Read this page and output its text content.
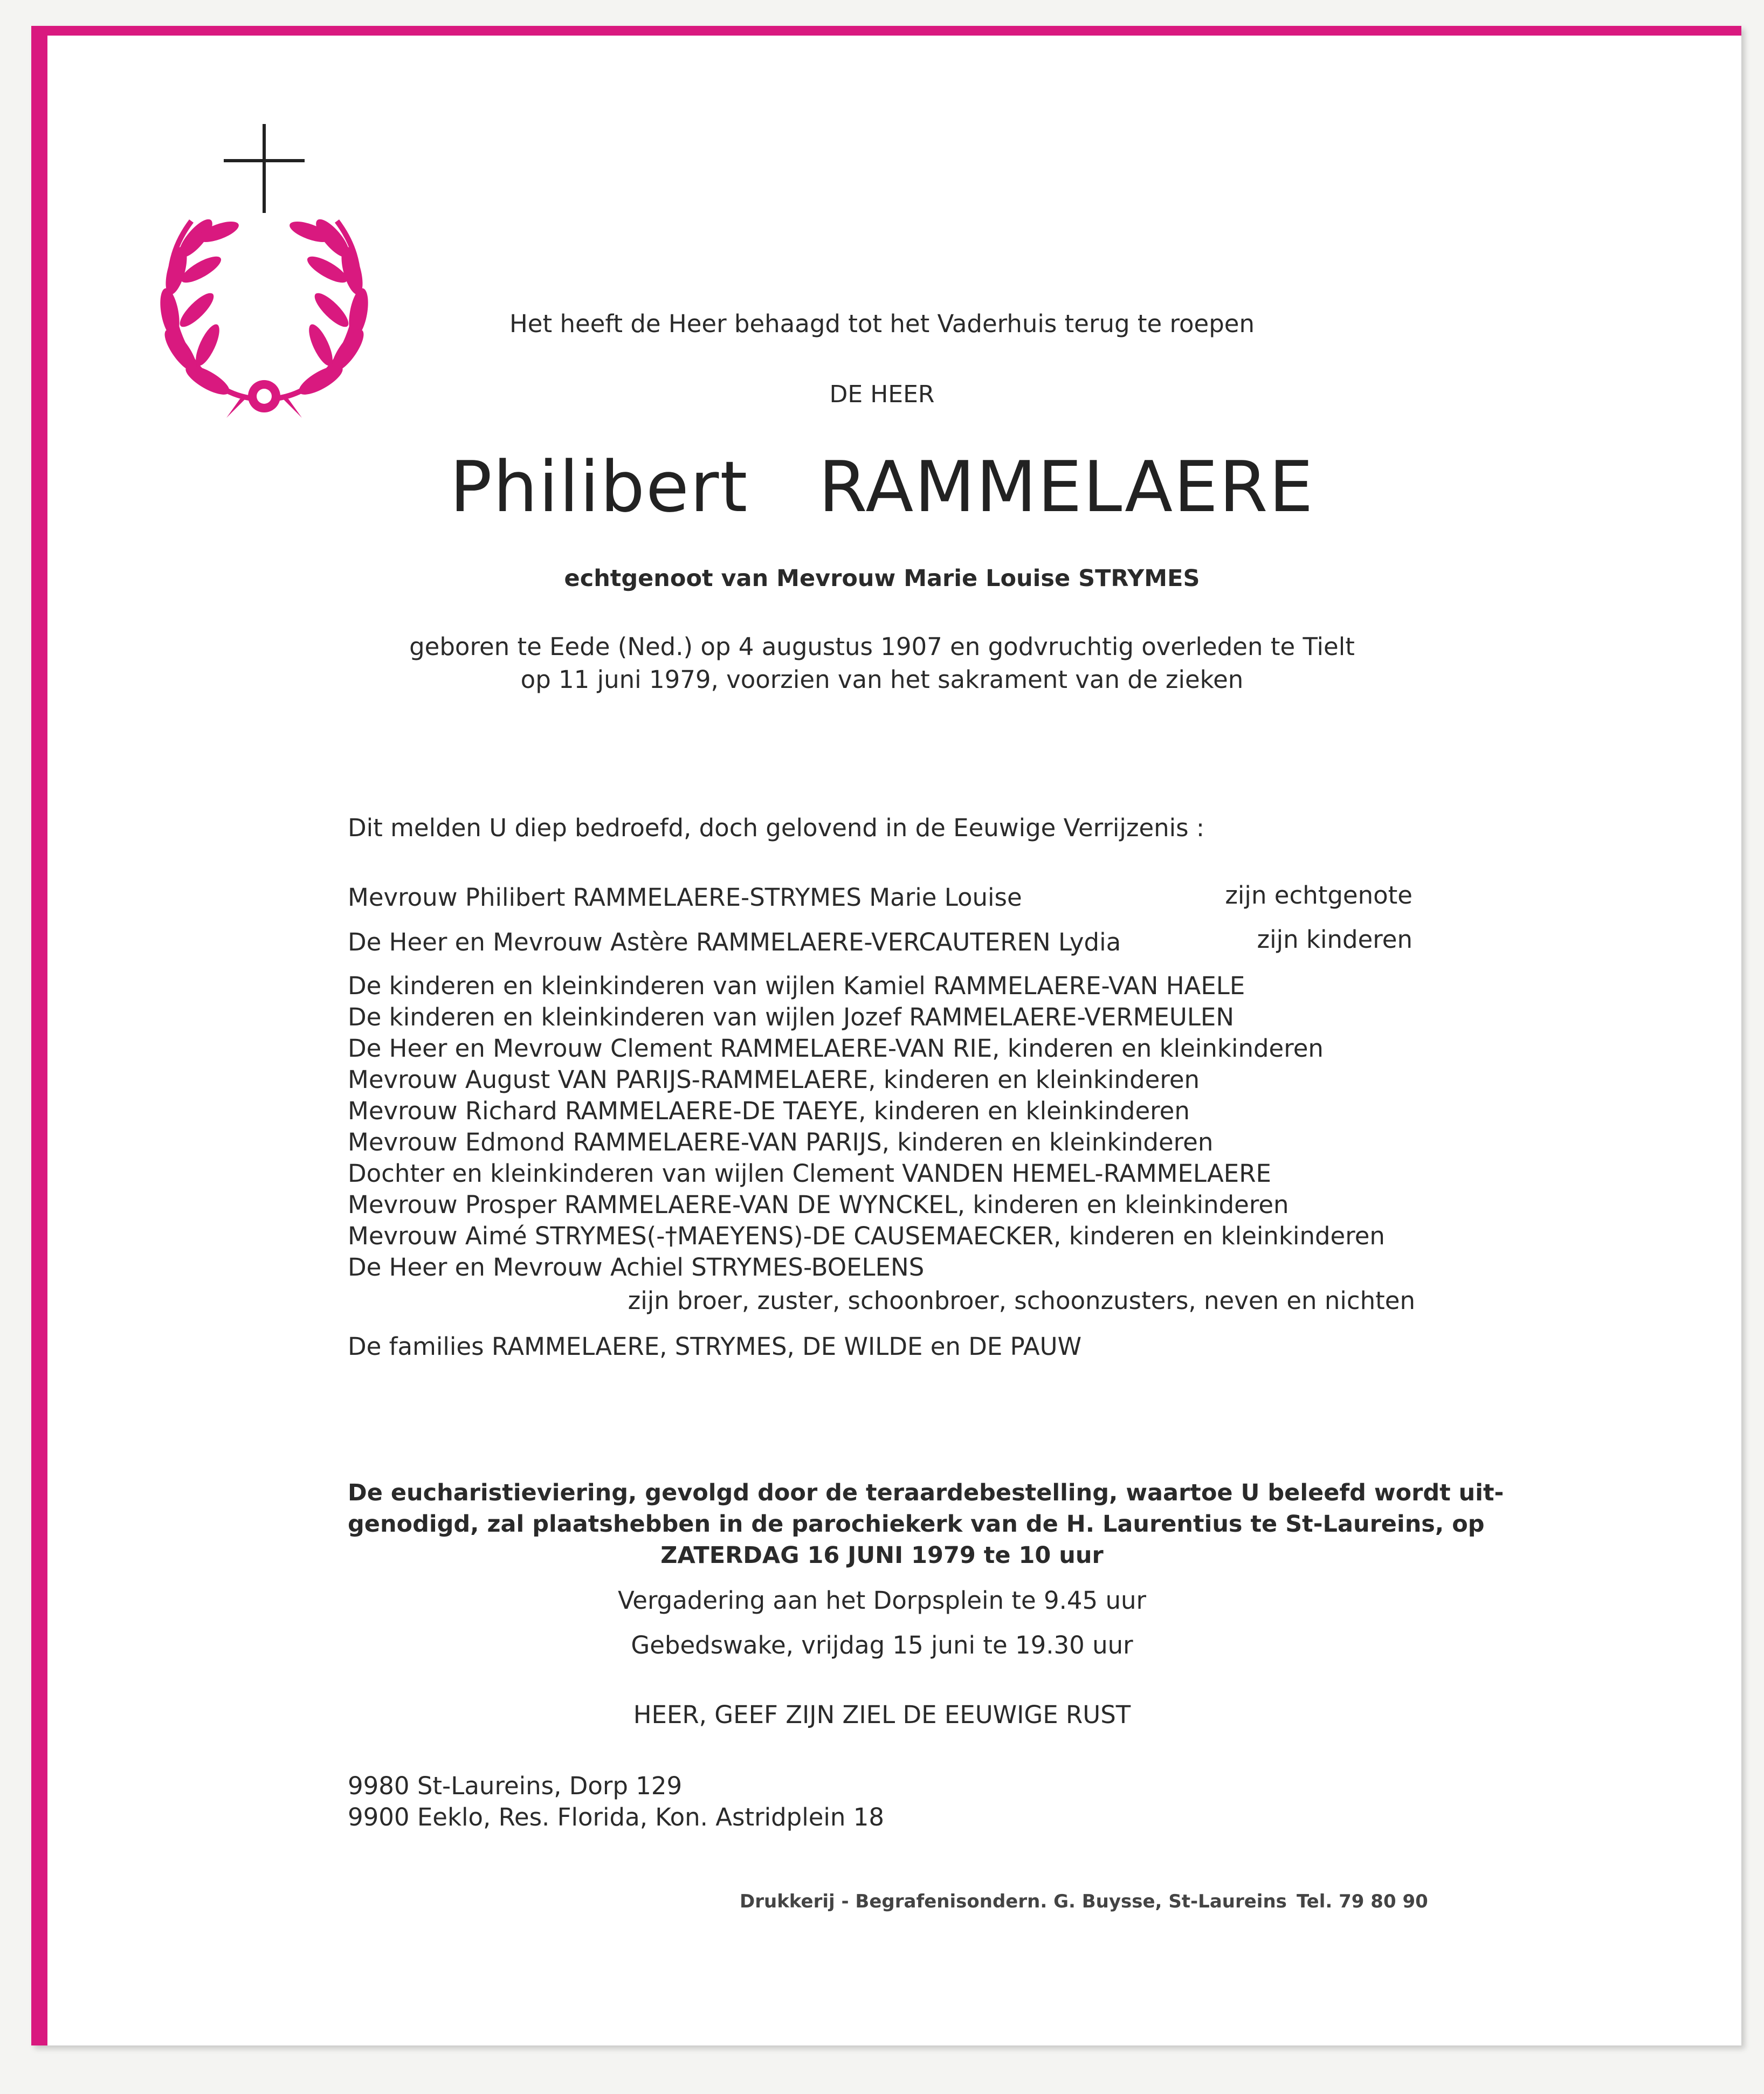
Het heeft de Heer behaagd tot het Vaderhuis terug te roepen
DE HEER
Philibert   RAMMELAERE
echtgenoot van Mevrouw Marie Louise STRYMES
geboren te Eede (Ned.) op 4 augustus 1907 en godvruchtig overleden te Tielt
op 11 juni 1979, voorzien van het sakrament van de zieken
Dit melden U diep bedroefd, doch gelovend in de Eeuwige Verrijzenis :
Mevrouw Philibert RAMMELAERE-STRYMES Marie Louise	zijn echtgenote
De Heer en Mevrouw Astère RAMMELAERE-VERCAUTEREN Lydia	zijn kinderen
De kinderen en kleinkinderen van wijlen Kamiel RAMMELAERE-VAN HAELE
De kinderen en kleinkinderen van wijlen Jozef RAMMELAERE-VERMEULEN
De Heer en Mevrouw Clement RAMMELAERE-VAN RIE, kinderen en kleinkinderen
Mevrouw August VAN PARIJS-RAMMELAERE, kinderen en kleinkinderen
Mevrouw Richard RAMMELAERE-DE TAEYE, kinderen en kleinkinderen
Mevrouw Edmond RAMMELAERE-VAN PARIJS, kinderen en kleinkinderen
Dochter en kleinkinderen van wijlen Clement VANDEN HEMEL-RAMMELAERE
Mevrouw Prosper RAMMELAERE-VAN DE WYNCKEL, kinderen en kleinkinderen
Mevrouw Aimé STRYMES(-†MAEYENS)-DE CAUSEMAECKER, kinderen en kleinkinderen
De Heer en Mevrouw Achiel STRYMES-BOELENS
zijn broer, zuster, schoonbroer, schoonzusters, neven en nichten
De families RAMMELAERE, STRYMES, DE WILDE en DE PAUW
De eucharistieviering, gevolgd door de teraardebestelling, waartoe U beleefd wordt uit-
genodigd, zal plaatshebben in de parochiekerk van de H. Laurentius te St-Laureins, op
ZATERDAG 16 JUNI 1979 te 10 uur
Vergadering aan het Dorpsplein te 9.45 uur
Gebedswake, vrijdag 15 juni te 19.30 uur
HEER, GEEF ZIJN ZIEL DE EEUWIGE RUST
9980 St-Laureins, Dorp 129
9900 Eeklo, Res. Florida, Kon. Astridplein 18
Drukkerij - Begrafenisondern. G. Buysse, St-Laureins Tel. 79 80 90
